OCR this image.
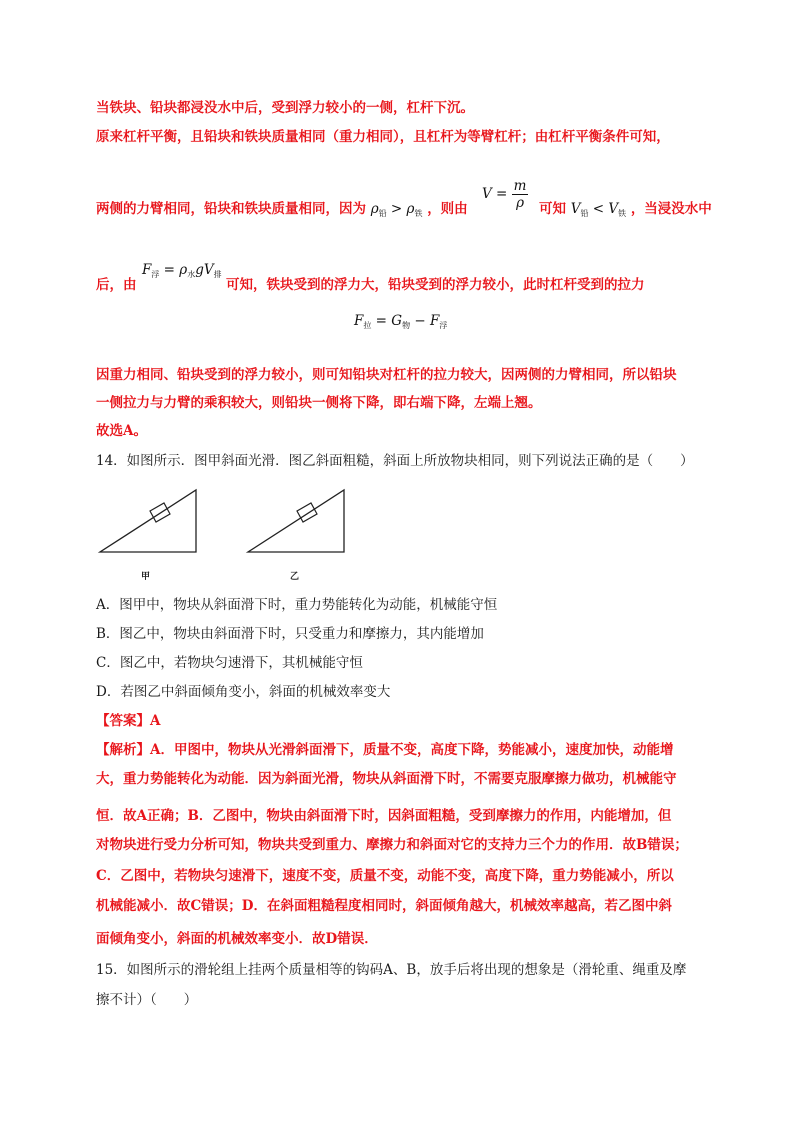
当铁块、铅块都浸没水中后，受到浮力较小的一侧，杠杆下沉。
原来杠杆平衡，且铅块和铁块质量相同（重力相同），且杠杆为等臂杠杆；由杠杆平衡条件可知，
两侧的力臂相同，铅块和铁块质量相同，因为 $\rho_铅 > \rho_铁$ ，则由
$V = \frac{m}{\rho}$ 可知 $V_铅 < V_铁$ ，当浸没水中
后，由
$F_浮 = \rho_水gV_排$
可知，铁块受到的浮力大，铅块受到的浮力较小，此时杠杆受到的拉力
$F_拉 = G_物 - F_浮$
因重力相同、铅块受到的浮力较小，则可知铅块对杠杆的拉力较大，因两侧的力臂相同，所以铅块
一侧拉力与力臂的乘积较大，则铅块一侧将下降，即右端下降，左端上翘。
故选A。
14．如图所示．图甲斜面光滑．图乙斜面粗糙，斜面上所放物块相同，则下列说法正确的是（　　）
甲	乙
A．图甲中，物块从斜面滑下时，重力势能转化为动能，机械能守恒
B．图乙中，物块由斜面滑下时，只受重力和摩擦力，其内能增加
C．图乙中，若物块匀速滑下，其机械能守恒
D．若图乙中斜面倾角变小，斜面的机械效率变大
【答案】A
【解析】A．甲图中，物块从光滑斜面滑下，质量不变，高度下降，势能减小，速度加快，动能增
大，重力势能转化为动能．因为斜面光滑，物块从斜面滑下时，不需要克服摩擦力做功，机械能守
恒．故A正确；B．乙图中，物块由斜面滑下时，因斜面粗糙，受到摩擦力的作用，内能增加，但
对物块进行受力分析可知，物块共受到重力、摩擦力和斜面对它的支持力三个力的作用．故B错误；
C．乙图中，若物块匀速滑下，速度不变，质量不变，动能不变，高度下降，重力势能减小，所以
机械能减小．故C错误；D．在斜面粗糙程度相同时，斜面倾角越大，机械效率越高，若乙图中斜
面倾角变小，斜面的机械效率变小．故D错误．
15．如图所示的滑轮组上挂两个质量相等的钩码A、B，放手后将出现的想象是（滑轮重、绳重及摩
擦不计）（　　）
